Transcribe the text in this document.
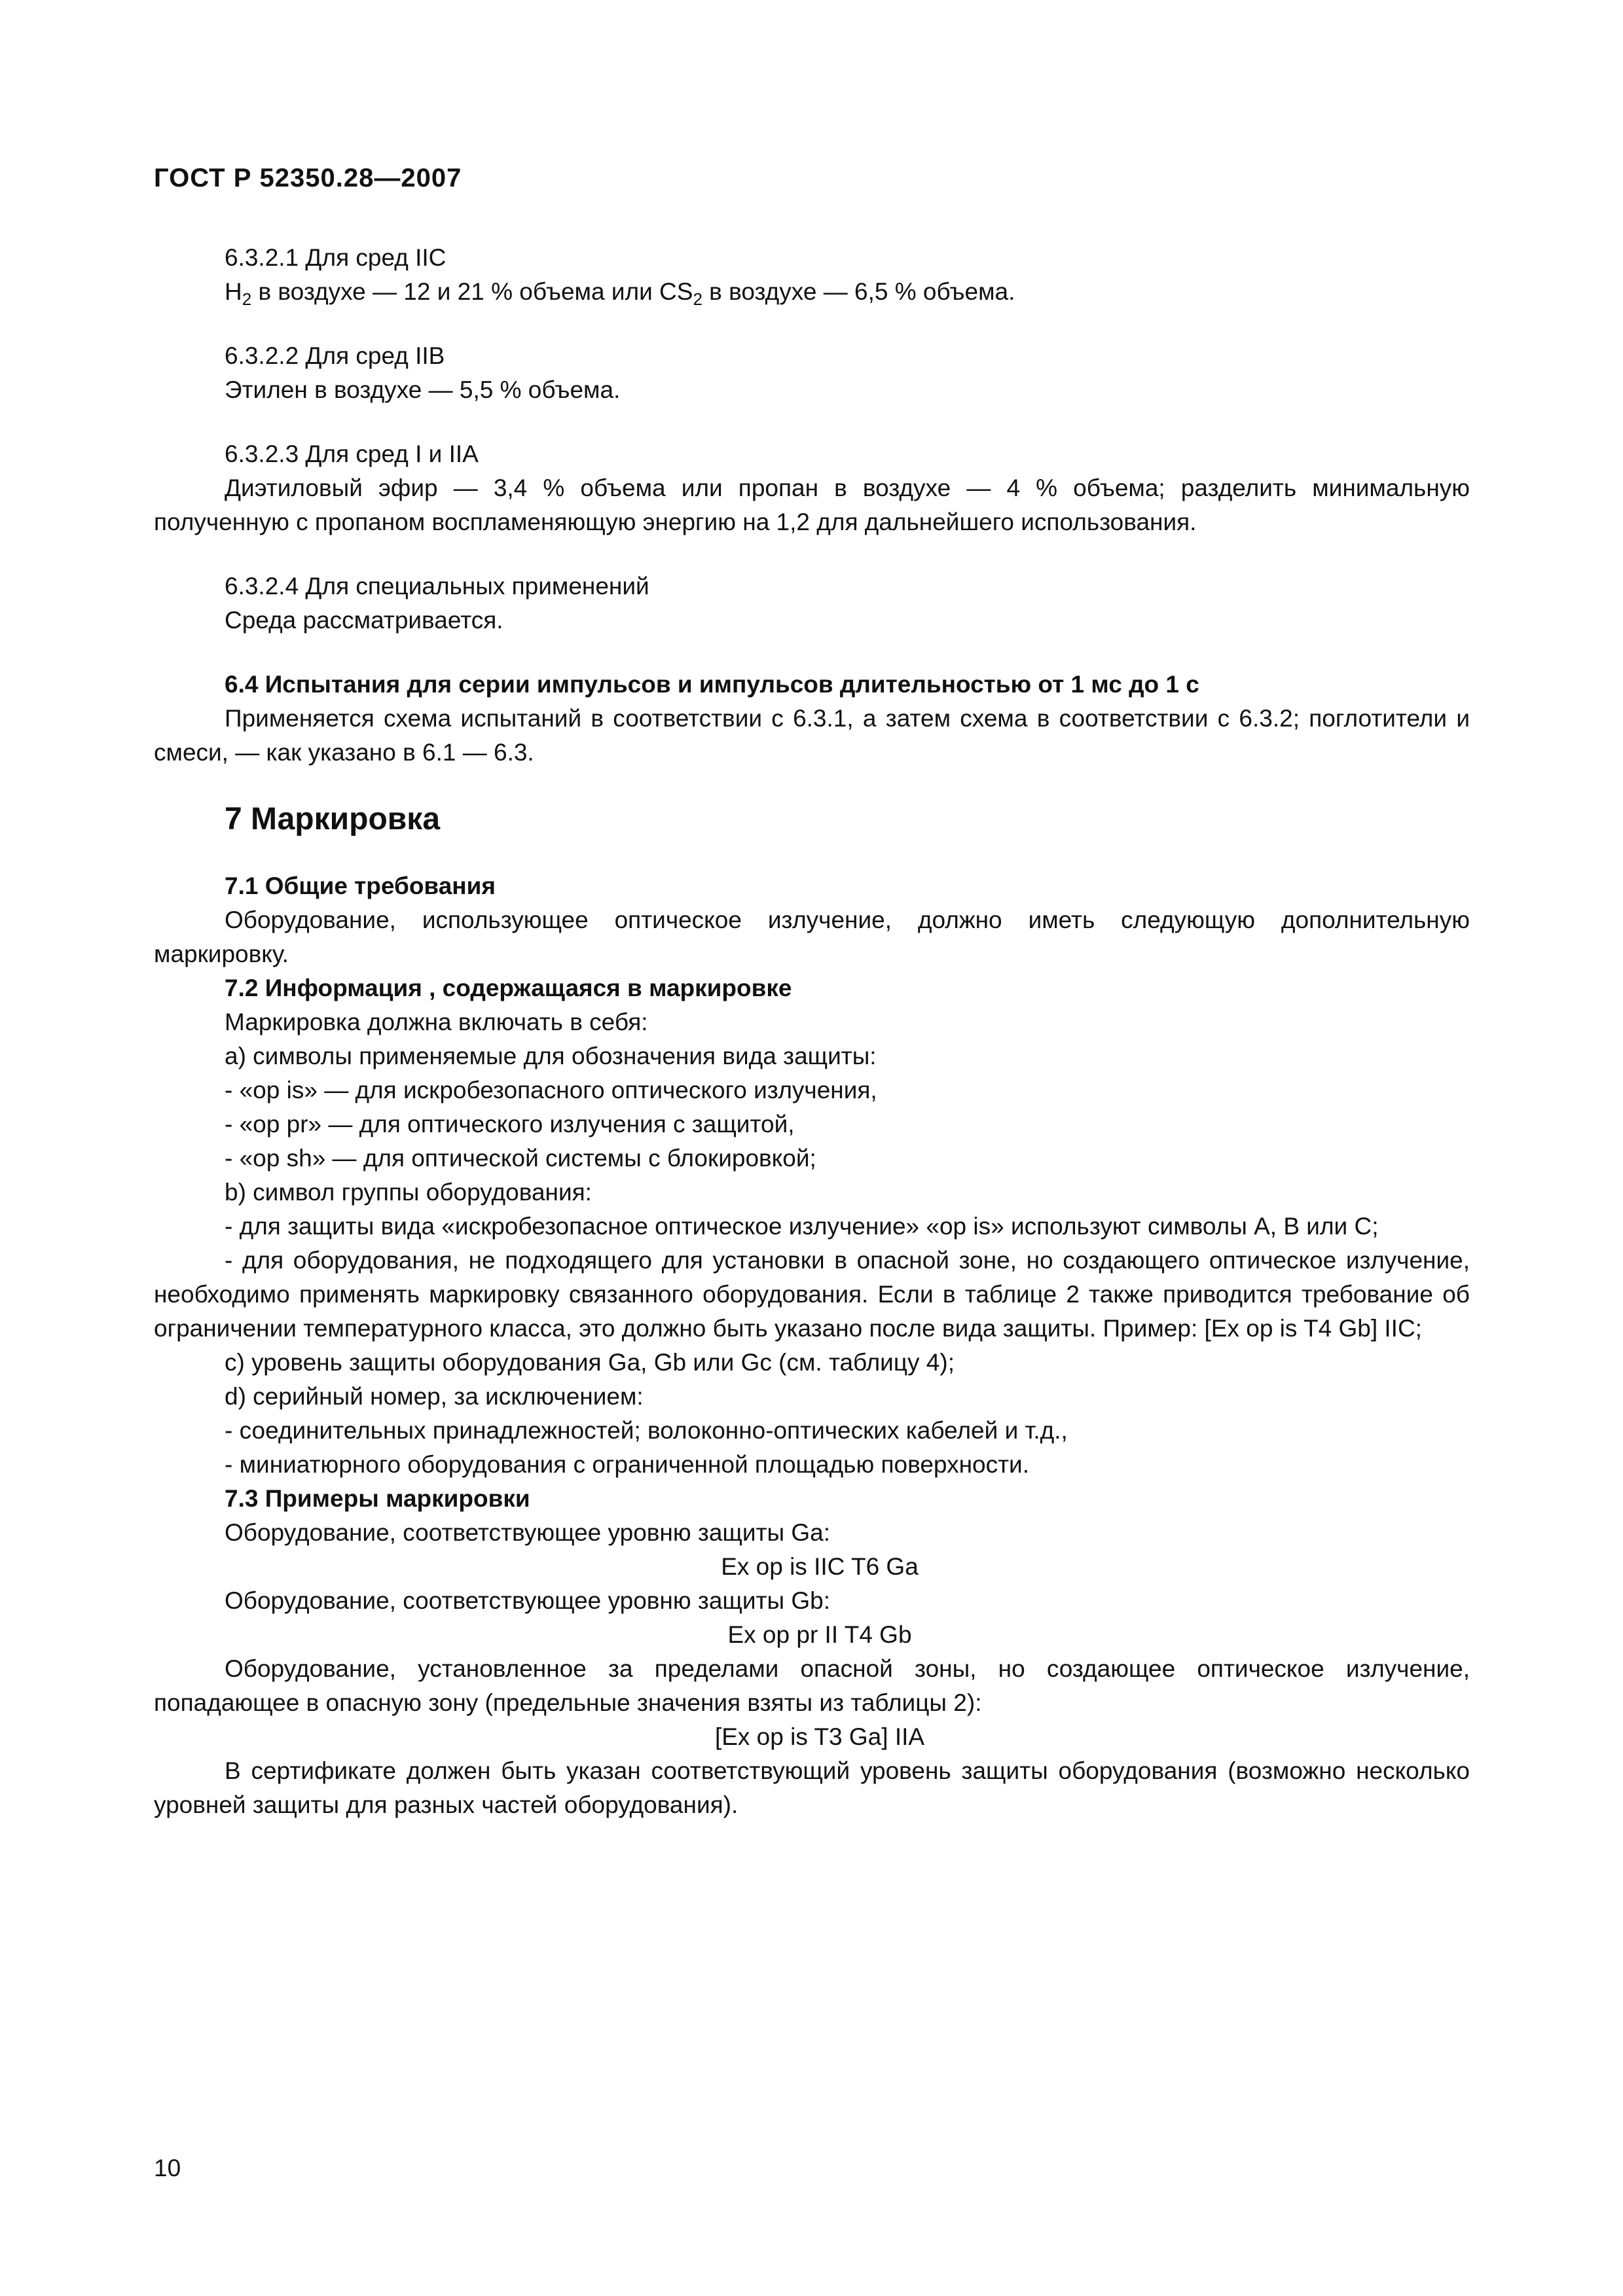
ГОСТ Р 52350.28—2007

6.3.2.1 Для сред IIC

$H_2$ в воздухе — 12 и 21 % объема или $CS_2$ в воздухе — 6,5 % объема.

6.3.2.2 Для сред IIB

Этилен в воздухе — 5,5 % объема.

6.3.2.3 Для сред I и IIA

Диэтиловый эфир — 3,4 % объема или пропан в воздухе — 4 % объема; разделить минимальную полученную с пропаном воспламеняющую энергию на 1,2 для дальнейшего использования.

6.3.2.4 Для специальных применений

Среда рассматривается.

6.4 Испытания для серии импульсов и импульсов длительностью от 1 мс до 1 с

Применяется схема испытаний в соответствии с 6.3.1, а затем схема в соответствии с 6.3.2; поглотители и смеси, — как указано в 6.1 — 6.3.

7 Маркировка

7.1 Общие требования

Оборудование, использующее оптическое излучение, должно иметь следующую дополнительную маркировку.

7.2 Информация , содержащаяся в маркировке

Маркировка должна включать в себя:

a) символы применяемые для обозначения вида защиты:

- «op is» — для искробезопасного оптического излучения,

- «op pr» — для оптического излучения с защитой,

- «op sh» — для оптической системы с блокировкой;

b) символ группы оборудования:

- для защиты вида «искробезопасное оптическое излучение» «op is» используют символы A, B или C;

- для оборудования, не подходящего для установки в опасной зоне, но создающего оптическое излучение, необходимо применять маркировку связанного оборудования. Если в таблице 2 также приводится требование об ограничении температурного класса, это должно быть указано после вида защиты. Пример: [Ex op is T4 Gb] IIC;

c) уровень защиты оборудования Ga, Gb или Gc (см. таблицу 4);

d) серийный номер, за исключением:

- соединительных принадлежностей; волоконно-оптических кабелей и т.д.,

- миниатюрного оборудования с ограниченной площадью поверхности.

7.3 Примеры маркировки

Оборудование, соответствующее уровню защиты Ga:

Ex op is IIC T6 Ga

Оборудование, соответствующее уровню защиты Gb:

Ex op pr II T4 Gb

Оборудование, установленное за пределами опасной зоны, но создающее оптическое излучение, попадающее в опасную зону (предельные значения взяты из таблицы 2):

[Ex op is T3 Ga] IIA

В сертификате должен быть указан соответствующий уровень защиты оборудования (возможно несколько уровней защиты для разных частей оборудования).

10
